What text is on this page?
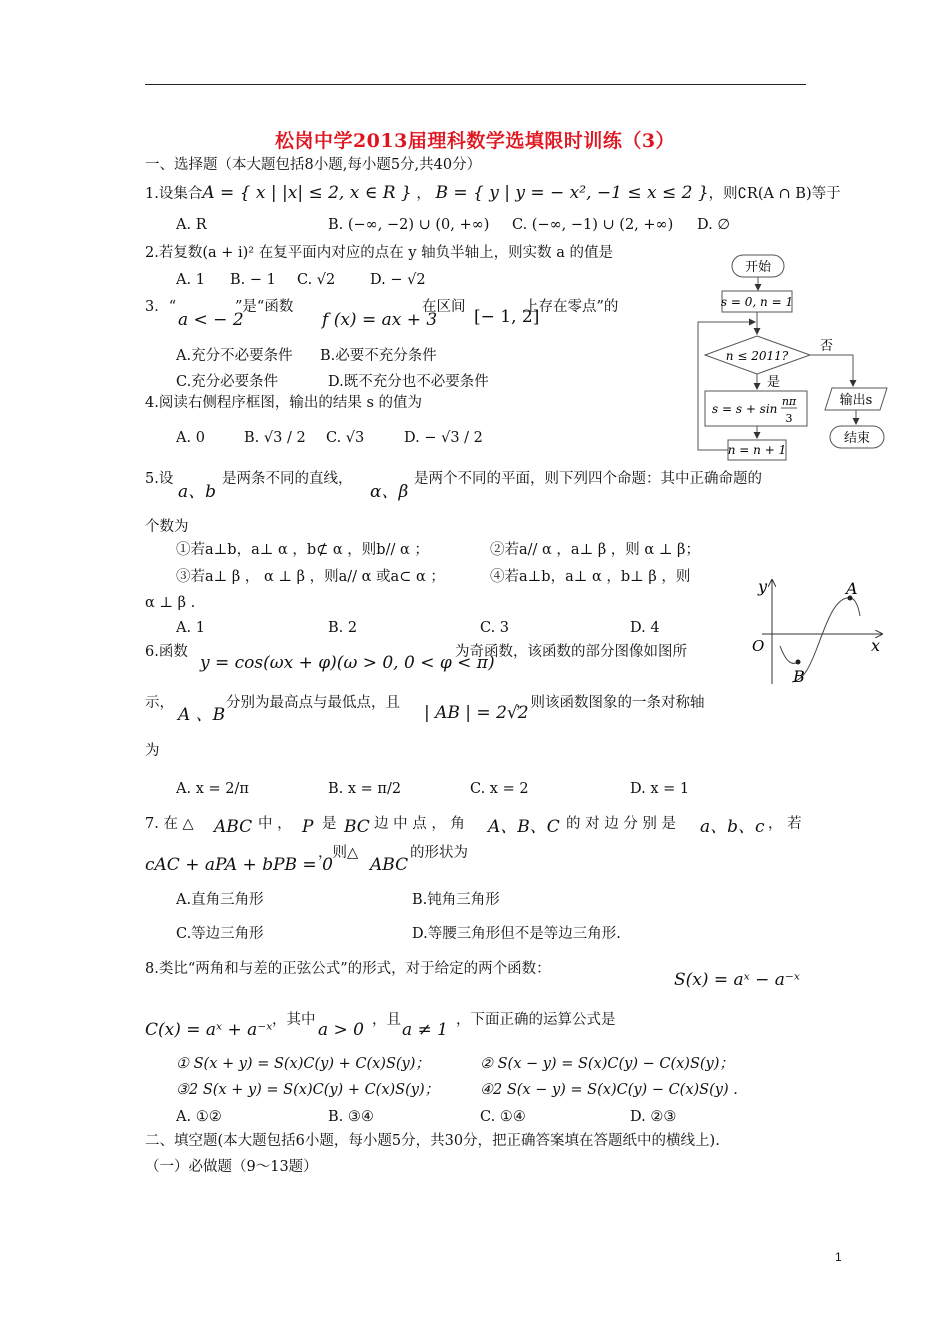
松岗中学2013届理科数学选填限时训练（3）
一、选择题（本大题包括8小题,每小题5分,共40分）
1.设集合A = { x | |x| ≤ 2, x ∈ R } ， B = { y | y = − x², −1 ≤ x ≤ 2 }，则∁R(A ∩ B)等于
A. R	B. (−∞, −2) ∪ (0, +∞) C. (−∞, −1) ∪ (2, +∞) D. ∅
2.若复数(a + i)² 在复平面内对应的点在 y 轴负半轴上，则实数 a 的值是
A. 1 B. − 1 C. √2 D. − √2
3．“
a < − 2
”是“函数
f (x) = ax + 3
在区间 [− 1, 2]
上存在零点”的
A.充分不必要条件 B.必要不充分条件
C.充分必要条件	D.既不充分也不必要条件
4.阅读右侧程序框图，输出的结果 s 的值为
A. 0	B. √3 / 2 C. √3	D. − √3 / 2
5.设
a、b
是两条不同的直线，
α、β
是两个不同的平面，则下列四个命题：其中正确命题的
个数为
①若a⊥b，a⊥ α ，b⊄ α ，则b// α ；	②若a// α ，a⊥ β ，则 α ⊥ β；
③若a⊥ β ， α ⊥ β ，则a// α 或a⊂ α ；	④若a⊥b，a⊥ α ，b⊥ β ，则
α ⊥ β .
A. 1	B. 2	C. 3	D. 4
6.函数
y = cos(ωx + φ)(ω > 0, 0 < φ < π)
为奇函数，该函数的部分图像如图所
示，
A 、B
分别为最高点与最低点，且 | AB | = 2√2
，则该函数图象的一条对称轴
为
A. x = 2/π	B. x = π/2	C. x = 2	D. x = 1
7. 在 △ ABC 中 ， P 是 BC 边 中 点 ， 角 A、B、C 的 对 边 分 别 是 a、b、c ， 若
cAC + aPA + bPB = 0
，则△
ABC
的形状为
A.直角三角形	B.钝角三角形
C.等边三角形	D.等腰三角形但不是等边三角形.
8.类比“两角和与差的正弦公式”的形式，对于给定的两个函数：
S(x) = aˣ − a⁻ˣ
C(x) = aˣ + a⁻ˣ ，其中 a > 0 ，且 a ≠ 1 ，下面正确的运算公式是
① S(x + y) = S(x)C(y) + C(x)S(y)；	② S(x − y) = S(x)C(y) − C(x)S(y)；
③2 S(x + y) = S(x)C(y) + C(x)S(y)；	④2 S(x − y) = S(x)C(y) − C(x)S(y) .
A. ①②	B. ③④	C. ①④	D. ②③
二、填空题(本大题包括6小题，每小题5分，共30分，把正确答案填在答题纸中的横线上).
（一）必做题（9～13题）
开始
s = 0, n = 1
n ≤ 2011?
否
是
s = s + sin
nπ
3
n = n + 1
输出s
结束
y
x
O
A
B
1
